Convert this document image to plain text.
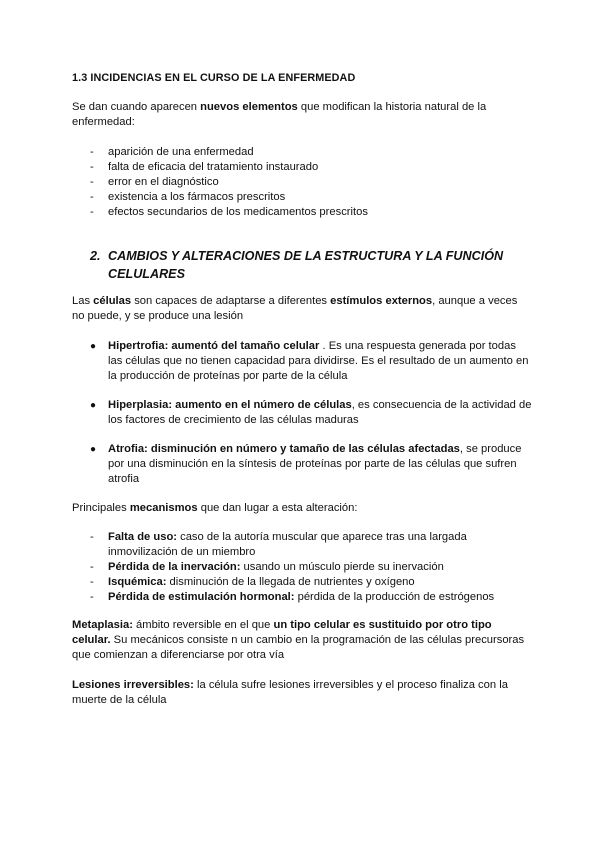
1.3 INCIDENCIAS EN EL CURSO DE LA ENFERMEDAD

Se dan cuando aparecen nuevos elementos que modifican la historia natural de la enfermedad:

- aparición de una enfermedad
- falta de eficacia del tratamiento instaurado
- error en el diagnóstico
- existencia a los fármacos prescritos
- efectos secundarios de los medicamentos prescritos
2. CAMBIOS Y ALTERACIONES DE LA ESTRUCTURA Y LA FUNCIÓN CELULARES

Las células son capaces de adaptarse a diferentes estímulos externos, aunque a veces no puede, y se produce una lesión

●	Hipertrofia: aumentó del tamaño celular . Es una respuesta generada por todas las células que no tienen capacidad para dividirse. Es el resultado de un aumento en la producción de proteínas por parte de la célula
●	Hiperplasia: aumento en el número de células, es consecuencia de la actividad de los factores de crecimiento de las células maduras
●	Atrofia: disminución en número y tamaño de las células afectadas, se produce por una disminución en la síntesis de proteínas por parte de las células que sufren atrofia

Principales mecanismos que dan lugar a esta alteración:

- Falta de uso: caso de la autoría muscular que aparece tras una largada inmovilización de un miembro
- Pérdida de la inervación: usando un músculo pierde su inervación
- Isquémica: disminución de la llegada de nutrientes y oxígeno
- Pérdida de estimulación hormonal: pérdida de la producción de estrógenos

Metaplasia: ámbito reversible en el que un tipo celular es sustituido por otro tipo celular. Su mecánicos consiste n un cambio en la programación de las células precursoras que comienzan a diferenciarse por otra vía

Lesiones irreversibles: la célula sufre lesiones irreversibles y el proceso finaliza con la muerte de la célula
